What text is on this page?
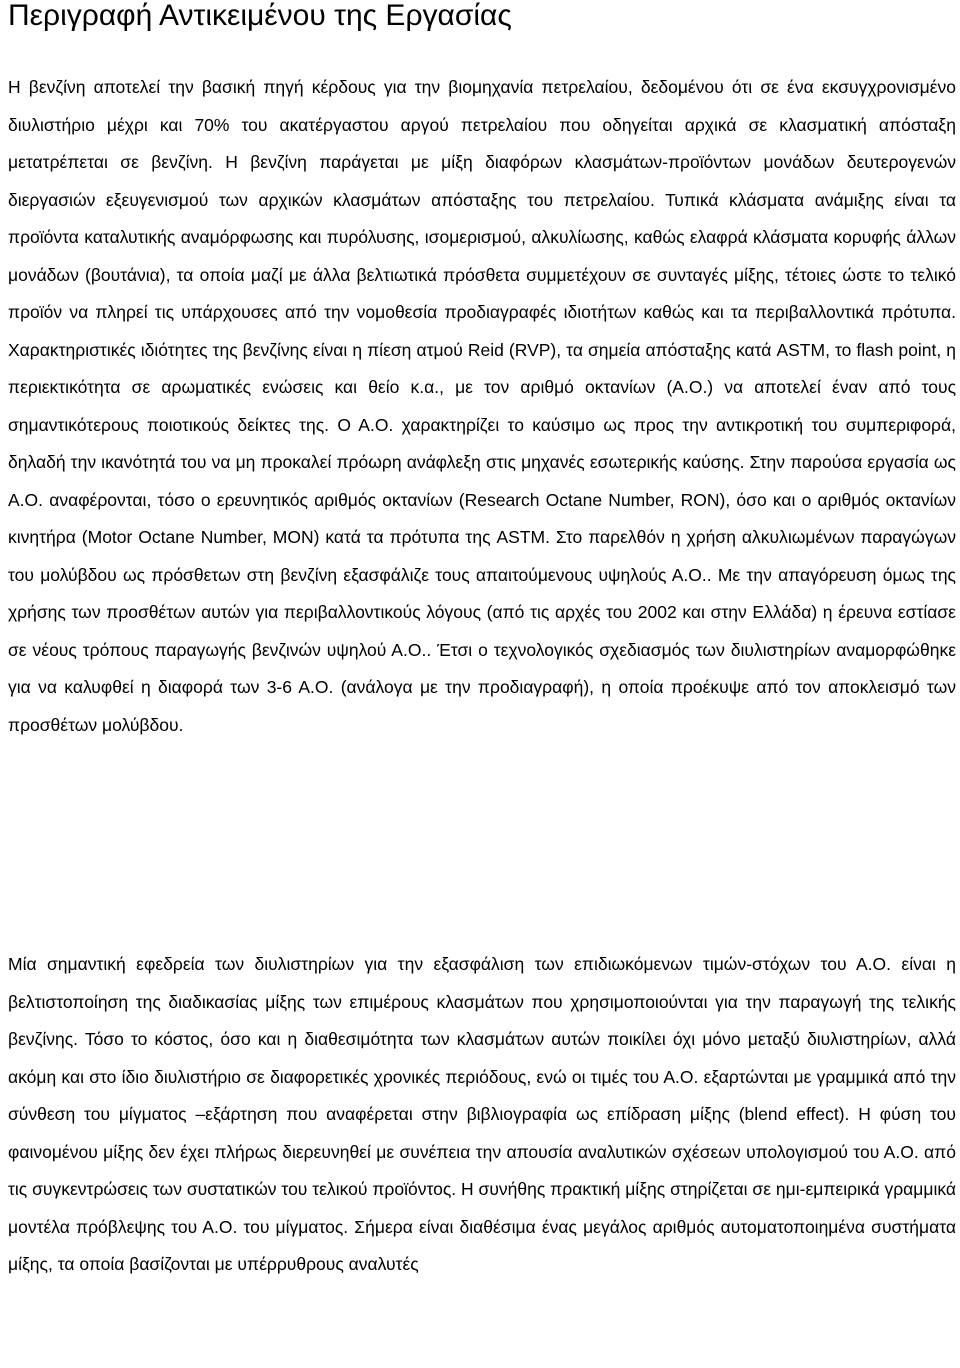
Περιγραφή Αντικειμένου της Εργασίας

Η βενζίνη αποτελεί την βασική πηγή κέρδους για την βιομηχανία πετρελαίου, δεδομένου ότι σε ένα εκσυγχρονισμένο διυλιστήριο μέχρι και 70% του ακατέργαστου αργού πετρελαίου που οδηγείται αρχικά σε κλασματική απόσταξη μετατρέπεται σε βενζίνη. Η βενζίνη παράγεται με μίξη διαφόρων κλασμάτων-προϊόντων μονάδων δευτερογενών διεργασιών εξευγενισμού των αρχικών κλασμάτων απόσταξης του πετρελαίου. Τυπικά κλάσματα ανάμιξης είναι τα προϊόντα καταλυτικής αναμόρφωσης και πυρόλυσης, ισομερισμού, αλκυλίωσης, καθώς ελαφρά κλάσματα κορυφής άλλων μονάδων (βουτάνια), τα οποία μαζί με άλλα βελτιωτικά πρόσθετα συμμετέχουν σε συνταγές μίξης, τέτοιες ώστε το τελικό προϊόν να πληρεί τις υπάρχουσες από την νομοθεσία προδιαγραφές ιδιοτήτων καθώς και τα περιβαλλοντικά πρότυπα. Χαρακτηριστικές ιδιότητες της βενζίνης είναι η πίεση ατμού Reid (RVP), τα σημεία απόσταξης κατά ASTM, το flash point, η περιεκτικότητα σε αρωματικές ενώσεις και θείο κ.α., με τον αριθμό οκτανίων (Α.Ο.) να αποτελεί έναν από τους σημαντικότερους ποιοτικούς δείκτες της. Ο Α.Ο. χαρακτηρίζει το καύσιμο ως προς την αντικροτική του συμπεριφορά, δηλαδή την ικανότητά του να μη προκαλεί πρόωρη ανάφλεξη στις μηχανές εσωτερικής καύσης. Στην παρούσα εργασία ως Α.Ο. αναφέρονται, τόσο ο ερευνητικός αριθμός οκτανίων (Research Octane Number, RON), όσο και ο αριθμός οκτανίων κινητήρα (Motor Octane Number, MON) κατά τα πρότυπα της ASTM. Στο παρελθόν η χρήση αλκυλιωμένων παραγώγων του μολύβδου ως πρόσθετων στη βενζίνη εξασφάλιζε τους απαιτούμενους υψηλούς Α.Ο.. Με την απαγόρευση όμως της χρήσης των προσθέτων αυτών για περιβαλλοντικούς λόγους (από τις αρχές του 2002 και στην Ελλάδα) η έρευνα εστίασε σε νέους τρόπους παραγωγής βενζινών υψηλού Α.Ο.. Έτσι ο τεχνολογικός σχεδιασμός των διυλιστηρίων αναμορφώθηκε για να καλυφθεί η διαφορά των 3-6 Α.Ο. (ανάλογα με την προδιαγραφή), η οποία προέκυψε από τον αποκλεισμό των προσθέτων μολύβδου.

Μία σημαντική εφεδρεία των διυλιστηρίων για την εξασφάλιση των επιδιωκόμενων τιμών-στόχων του Α.Ο. είναι η βελτιστοποίηση της διαδικασίας μίξης των επιμέρους κλασμάτων που χρησιμοποιούνται για την παραγωγή της τελικής βενζίνης. Τόσο το κόστος, όσο και η διαθεσιμότητα των κλασμάτων αυτών ποικίλει όχι μόνο μεταξύ διυλιστηρίων, αλλά ακόμη και στο ίδιο διυλιστήριο σε διαφορετικές χρονικές περιόδους, ενώ οι τιμές του Α.Ο. εξαρτώνται με γραμμικά από την σύνθεση του μίγματος –εξάρτηση που αναφέρεται στην βιβλιογραφία ως επίδραση μίξης (blend effect). Η φύση του φαινομένου μίξης δεν έχει πλήρως διερευνηθεί με συνέπεια την απουσία αναλυτικών σχέσεων υπολογισμού του Α.Ο. από τις συγκεντρώσεις των συστατικών του τελικού προϊόντος. Η συνήθης πρακτική μίξης στηρίζεται σε ημι-εμπειρικά γραμμικά μοντέλα πρόβλεψης του Α.Ο. του μίγματος. Σήμερα είναι διαθέσιμα ένας μεγάλος αριθμός αυτοματοποιημένα συστήματα μίξης, τα οποία βασίζονται με υπέρρυθρους αναλυτές
